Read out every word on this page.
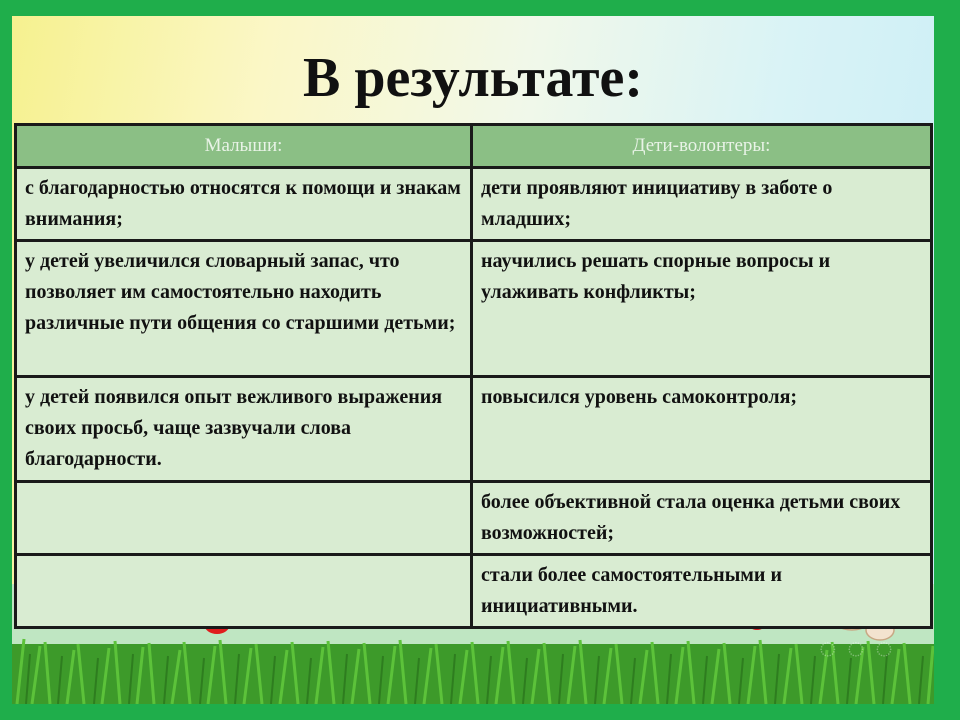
В результате:
Малыши:	Дети-волонтеры:
с благодарностью относятся к помощи и знакам внимания;	дети проявляют инициативу в заботе о младших;
у детей увеличился словарный запас, что позволяет им самостоятельно находить различные пути общения со старшими детьми;	научились решать спорные вопросы и улаживать конфликты;
у детей появился опыт вежливого выражения своих просьб, чаще зазвучали слова благодарности.	повысился уровень самоконтроля;
	более объективной стала оценка детьми своих возможностей;
	стали более самостоятельными и инициативными.
◌ ◌ ◌
